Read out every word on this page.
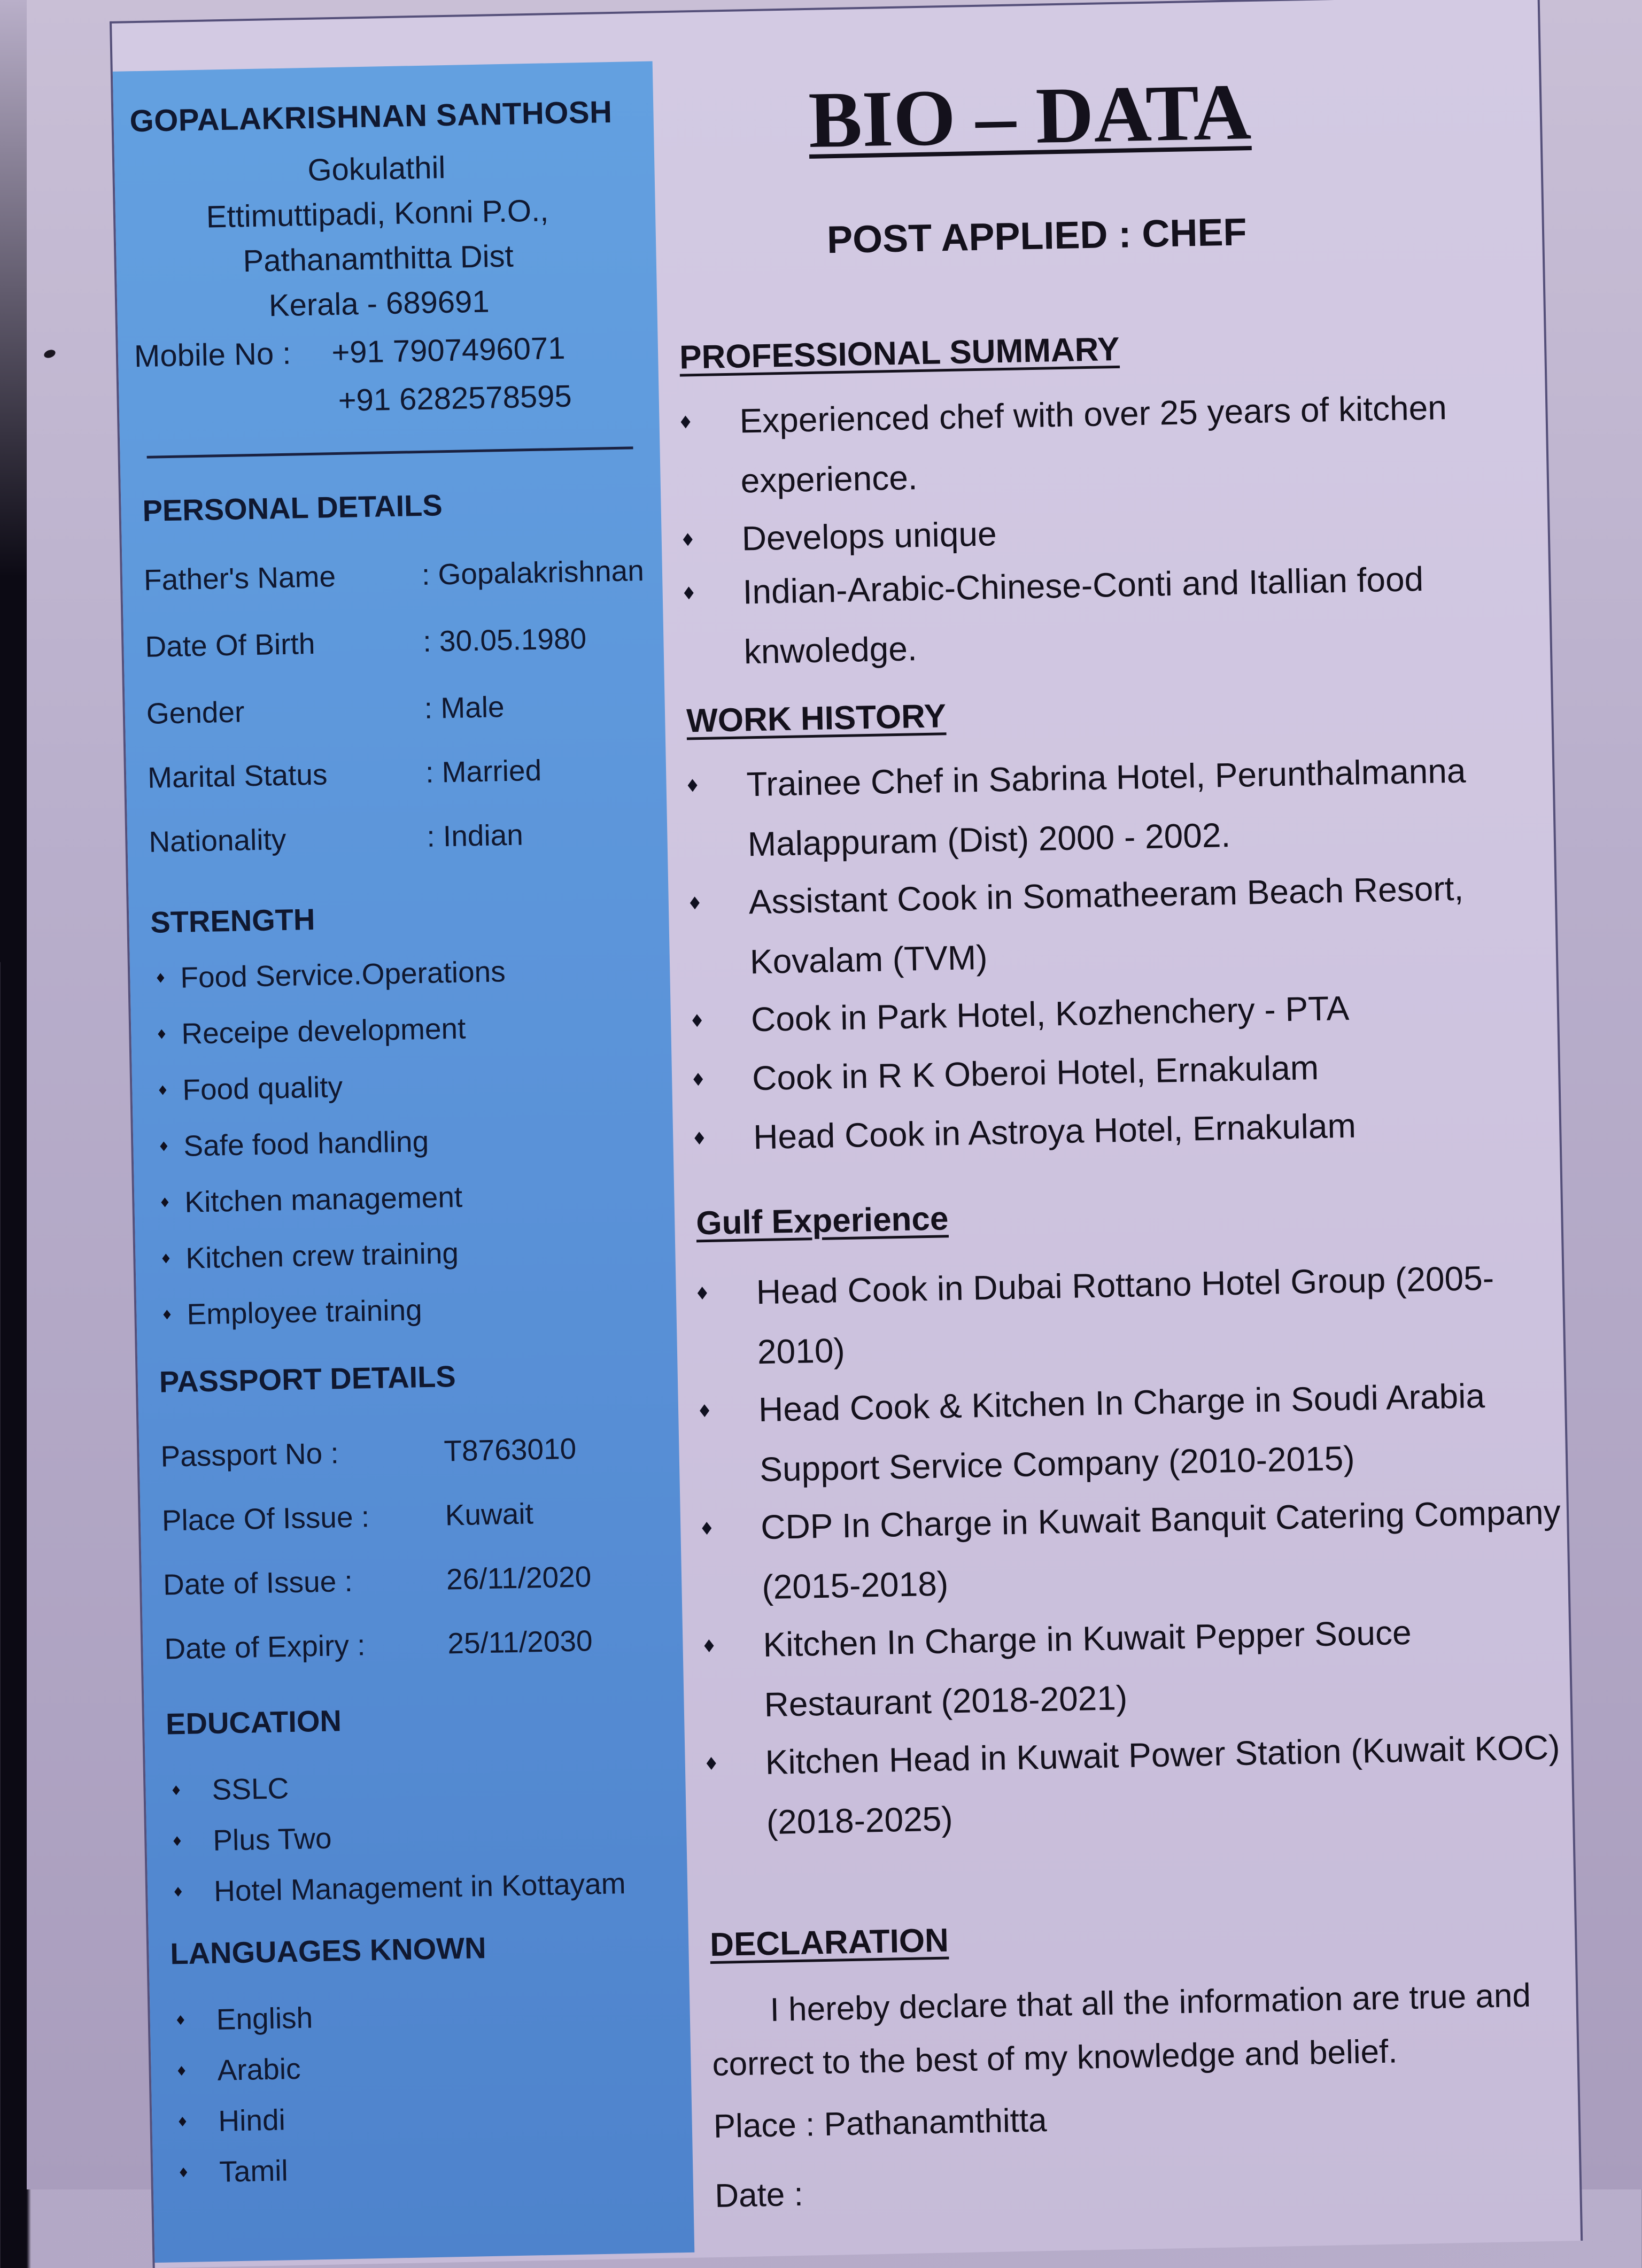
GOPALAKRISHNAN SANTHOSH
Gokulathil
Ettimuttipadi, Konni P.O.,
Pathanamthitta Dist
Kerala - 689691
Mobile No : +91 7907496071
+91 6282578595
PERSONAL DETAILS
Father's Name	: Gopalakrishnan
Date Of Birth	: 30.05.1980
Gender	: Male
Marital Status	: Married
Nationality	: Indian
STRENGTH
Food Service.Operations
Receipe development
Food quality
Safe food handling
Kitchen management
Kitchen crew training
Employee training
PASSPORT DETAILS
Passport No :	T8763010
Place Of Issue :	Kuwait
Date of Issue :	26/11/2020
Date of Expiry :	25/11/2030
EDUCATION
SSLC
Plus Two
Hotel Management in Kottayam
LANGUAGES KNOWN
English
Arabic
Hindi
Tamil
BIO – DATA
POST APPLIED : CHEF
PROFESSIONAL SUMMARY
Experienced chef with over 25 years of kitchen experience.
Develops unique
Indian-Arabic-Chinese-Conti and Itallian food knwoledge.
WORK HISTORY
Trainee Chef in Sabrina Hotel, Perunthalmanna Malappuram (Dist) 2000 - 2002.
Assistant Cook in Somatheeram Beach Resort, Kovalam (TVM)
Cook in Park Hotel, Kozhenchery - PTA
Cook in R K Oberoi Hotel, Ernakulam
Head Cook in Astroya Hotel, Ernakulam
Gulf Experience
Head Cook in Dubai Rottano Hotel Group (2005-2010)
Head Cook & Kitchen In Charge in Soudi Arabia Support Service Company (2010-2015)
CDP In Charge in Kuwait Banquit Catering Company (2015-2018)
Kitchen In Charge in Kuwait Pepper Souce Restaurant (2018-2021)
Kitchen Head in Kuwait Power Station (Kuwait KOC) (2018-2025)
DECLARATION
I hereby declare that all the information are true and correct to the best of my knowledge and belief.
Place : Pathanamthitta
Date :
